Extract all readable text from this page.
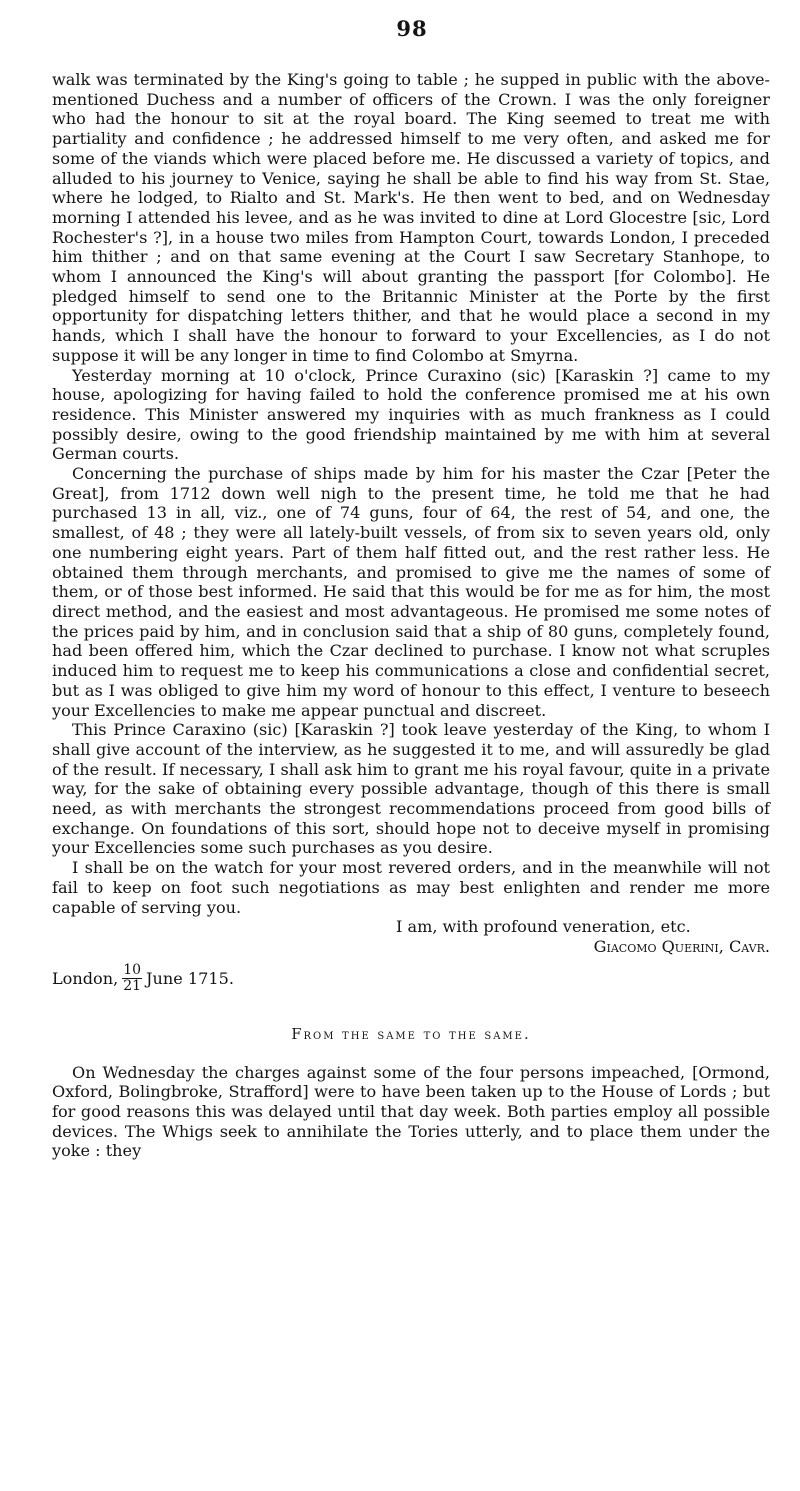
98

walk was terminated by the King's going to table ; he supped in public with the above-mentioned Duchess and a number of officers of the Crown. I was the only foreigner who had the honour to sit at the royal board. The King seemed to treat me with partiality and confidence ; he addressed himself to me very often, and asked me for some of the viands which were placed before me. He discussed a variety of topics, and alluded to his journey to Venice, saying he shall be able to find his way from St. Stae, where he lodged, to Rialto and St. Mark's. He then went to bed, and on Wednesday morning I attended his levee, and as he was invited to dine at Lord Glocestre [sic, Lord Rochester's ?], in a house two miles from Hampton Court, towards London, I preceded him thither ; and on that same evening at the Court I saw Secretary Stanhope, to whom I announced the King's will about granting the passport [for Colombo]. He pledged himself to send one to the Britannic Minister at the Porte by the first opportunity for dispatching letters thither, and that he would place a second in my hands, which I shall have the honour to forward to your Excellencies, as I do not suppose it will be any longer in time to find Colombo at Smyrna.

Yesterday morning at 10 o'clock, Prince Curaxino (sic) [Karaskin ?] came to my house, apologizing for having failed to hold the conference promised me at his own residence. This Minister answered my inquiries with as much frankness as I could possibly desire, owing to the good friendship maintained by me with him at several German courts.

Concerning the purchase of ships made by him for his master the Czar [Peter the Great], from 1712 down well nigh to the present time, he told me that he had purchased 13 in all, viz., one of 74 guns, four of 64, the rest of 54, and one, the smallest, of 48 ; they were all lately-built vessels, of from six to seven years old, only one numbering eight years. Part of them half fitted out, and the rest rather less. He obtained them through merchants, and promised to give me the names of some of them, or of those best informed. He said that this would be for me as for him, the most direct method, and the easiest and most advantageous. He promised me some notes of the prices paid by him, and in conclusion said that a ship of 80 guns, completely found, had been offered him, which the Czar declined to purchase. I know not what scruples induced him to request me to keep his communications a close and confidential secret, but as I was obliged to give him my word of honour to this effect, I venture to beseech your Excellencies to make me appear punctual and discreet.

This Prince Caraxino (sic) [Karaskin ?] took leave yesterday of the King, to whom I shall give account of the interview, as he suggested it to me, and will assuredly be glad of the result. If necessary, I shall ask him to grant me his royal favour, quite in a private way, for the sake of obtaining every possible advantage, though of this there is small need, as with merchants the strongest recommendations proceed from good bills of exchange. On foundations of this sort, should hope not to deceive myself in promising your Excellencies some such purchases as you desire.

I shall be on the watch for your most revered orders, and in the meanwhile will not fail to keep on foot such negotiations as may best enlighten and render me more capable of serving you.

I am, with profound veneration, etc.

Giacomo Querini, Cavr.

London, $\frac{10}{21}$ June 1715.
From the same to the same.

On Wednesday the charges against some of the four persons impeached, [Ormond, Oxford, Bolingbroke, Strafford] were to have been taken up to the House of Lords ; but for good reasons this was delayed until that day week. Both parties employ all possible devices. The Whigs seek to annihilate the Tories utterly, and to place them under the yoke : they
